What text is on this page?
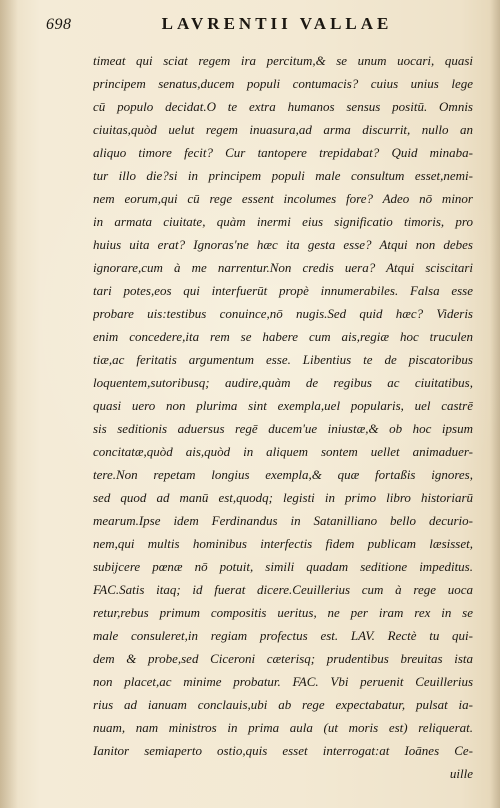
698	LAVRENTII VALLAE
timeat qui sciat regem ira percitum,& se unum uocari, quasi
principem senatus,ducem populi contumacis? cuius unius lege
cū populo decidat.O te extra humanos sensus positū. Omnis
ciuitas,quòd uelut regem inuasura,ad arma discurrit, nullo an
aliquo timore fecit? Cur tantopere trepidabat? Quid minaba-
tur illo die?si in principem populi male consultum esset,nemi-
nem eorum,qui cū rege essent incolumes fore? Adeo nō minor
in armata ciuitate, quàm inermi eius significatio timoris, pro
huius uita erat? Ignoras'ne hæc ita gesta esse? Atqui non debes
ignorare,cum à me narrentur.Non credis uera? Atqui sciscitari
tari potes,eos qui interfuerūt propè innumerabiles. Falsa esse
probare uis:testibus conuince,nō nugis.Sed quid hæc? Videris
enim concedere,ita rem se habere cum ais,regiæ hoc truculen
tiæ,ac feritatis argumentum esse. Libentius te de piscatoribus
loquentem,sutoribusq; audire,quàm de regibus ac ciuitatibus,
quasi uero non plurima sint exempla,uel popularis, uel castrē
sis seditionis aduersus regē ducem'ue iniustæ,& ob hoc ipsum
concitatæ,quòd ais,quòd in aliquem sontem uellet animaduer-
tere.Non repetam longius exempla,& quæ fortaßis ignores,
sed quod ad manū est,quodq; legisti in primo libro historiarū
mearum.Ipse idem Ferdinandus in Satanilliano bello decurio-
nem,qui multis hominibus interfectis fidem publicam læsisset,
subijcere pœnæ nō potuit, simili quadam seditione impeditus.
FAC.Satis itaq; id fuerat dicere.Ceuillerius cum à rege uoca
retur,rebus primum compositis ueritus, ne per iram rex in se
male consuleret,in regiam profectus est. LAV. Rectè tu qui-
dem & probe,sed Ciceroni cæterisq; prudentibus breuitas ista
non placet,ac minime probatur. FAC. Vbi peruenit Ceuillerius
rius ad ianuam conclauis,ubi ab rege expectabatur, pulsat ia-
nuam, nam ministros in prima aula (ut moris est) reliquerat.
Ianitor semiaperto ostio,quis esset interrogat:at Ioānes Ce-
uille
